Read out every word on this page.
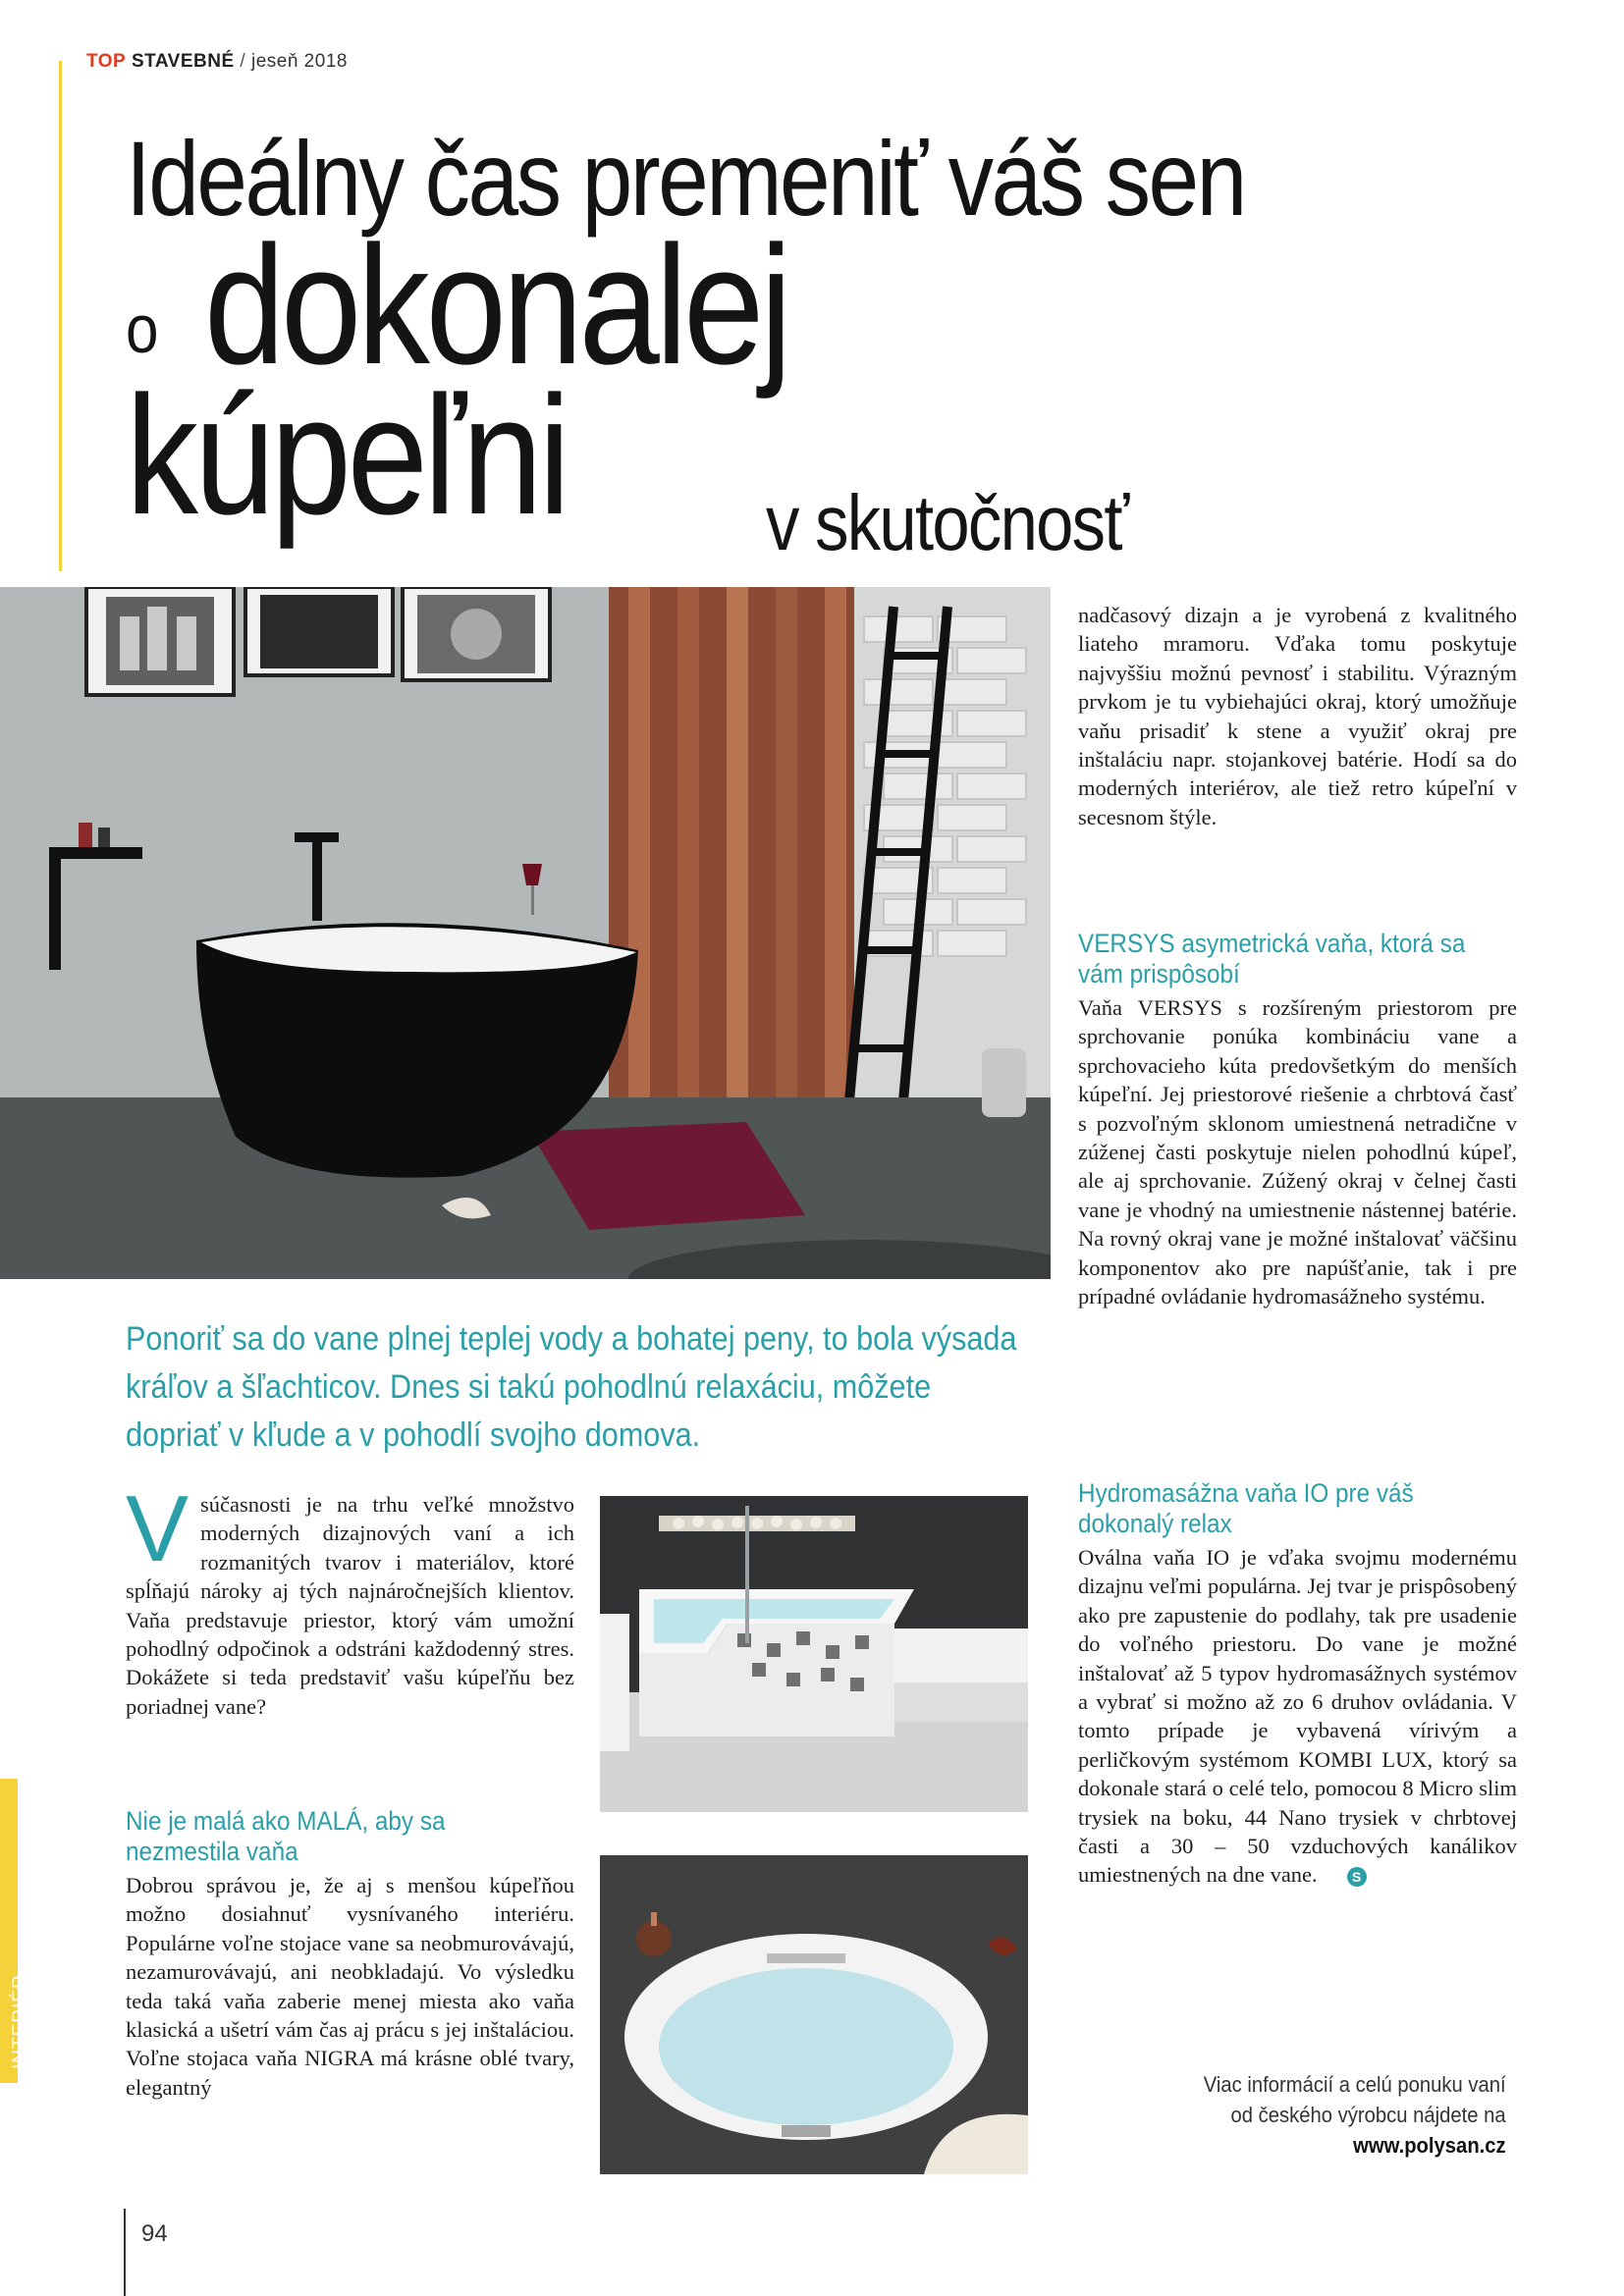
TOP STAVEBNÉ / jeseň 2018
Ideálny čas premeniť váš sen
o dokonalej
kúpeľni	v skutočnosť
Ponoriť sa do vane plnej teplej vody a bohatej peny, to bola výsada kráľov a šľachticov. Dnes si takú pohodlnú relaxáciu, môžete dopriať v kľude a v pohodlí svojho domova.
V súčasnosti je na trhu veľké množstvo moderných dizajnových vaní a ich rozmanitých tvarov i materiálov, ktoré spĺňajú nároky aj tých najnáročnejších klientov. Vaňa predstavuje priestor, ktorý vám umožní pohodlný odpočinok a odstráni každodenný stres. Dokážete si teda predstaviť vašu kúpeľňu bez poriadnej vane?
Nie je malá ako MALÁ, aby sa
nezmestila vaňa
Dobrou správou je, že aj s menšou kúpeľňou možno dosiahnuť vysnívaného interiéru. Populárne voľne stojace vane sa neobmurovávajú, nezamurovávajú, ani neobkladajú. Vo výsledku teda taká vaňa zaberie menej miesta ako vaňa klasická a ušetrí vám čas aj prácu s jej inštaláciou. Voľne stojaca vaňa NIGRA má krásne oblé tvary, elegantný
nadčasový dizajn a je vyrobená z kvalitného liateho mramoru. Vďaka tomu poskytuje najvyššiu možnú pevnosť i stabilitu. Výrazným prvkom je tu vybiehajúci okraj, ktorý umožňuje vaňu prisadiť k stene a využiť okraj pre inštaláciu napr. stojankovej batérie. Hodí sa do moderných interiérov, ale tiež retro kúpeľní v secesnom štýle.
VERSYS asymetrická vaňa, ktorá sa
vám prispôsobí
Vaňa VERSYS s rozšíreným priestorom pre sprchovanie ponúka kombináciu vane a sprchovacieho kúta predovšetkým do menších kúpeľní. Jej priestorové riešenie a chrbtová časť s pozvoľným sklonom umiestnená netradične v zúženej časti poskytuje nielen pohodlnú kúpeľ, ale aj sprchovanie. Zúžený okraj v čelnej časti vane je vhodný na umiestnenie nástennej batérie. Na rovný okraj vane je možné inštalovať väčšinu komponentov ako pre napúšťanie, tak i pre prípadné ovládanie hydromasážneho systému.
Hydromasážna vaňa IO pre váš
dokonalý relax
Oválna vaňa IO je vďaka svojmu modernému dizajnu veľmi populárna. Jej tvar je prispôsobený ako pre zapustenie do podlahy, tak pre usadenie do voľného priestoru. Do vane je možné inštalovať až 5 typov hydromasážnych systémov a vybrať si možno až zo 6 druhov ovládania. V tomto prípade je vybavená vírivým a perličkovým systémom KOMBI LUX, ktorý sa dokonale stará o celé telo, pomocou 8 Micro slim trysiek na boku, 44 Nano trysiek v chrbtovej časti a 30 – 50 vzduchových kanálikov umiestnených na dne vane.	S
Viac informácií a celú ponuku vaní
od českého výrobcu nájdete na
www.polysan.cz
INTERIÉR
94
